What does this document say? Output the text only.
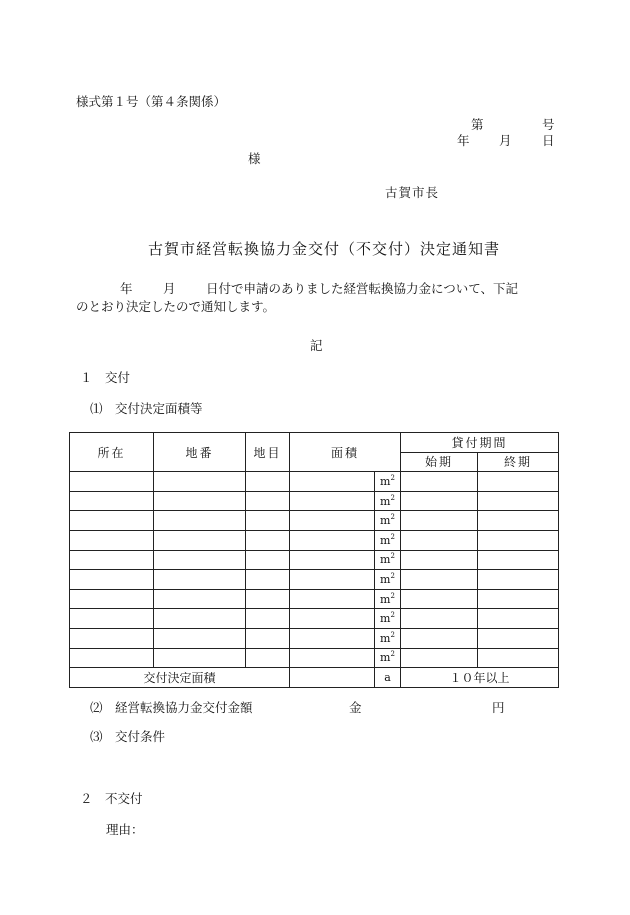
様式第１号（第４条関係）
第	号
年 月 日
様
古賀市長
古賀市経営転換協力金交付（不交付）決定通知書
年 月 日付で申請のありました経営転換協力金について、下記
のとおり決定したので通知します。
記
１　交付
⑴　交付決定面積等
所在	地番	地目	面積		貸付期間	
					始期	終期
				$m^2$		
				$m^2$		
				$m^2$		
				$m^2$		
				$m^2$		
				$m^2$		
				$m^2$		
				$m^2$		
				$m^2$		
				$m^2$		
交付決定面積				a	１０年以上	
⑵　経営転換協力金交付金額	金	円
⑶　交付条件
２　不交付
理由：
